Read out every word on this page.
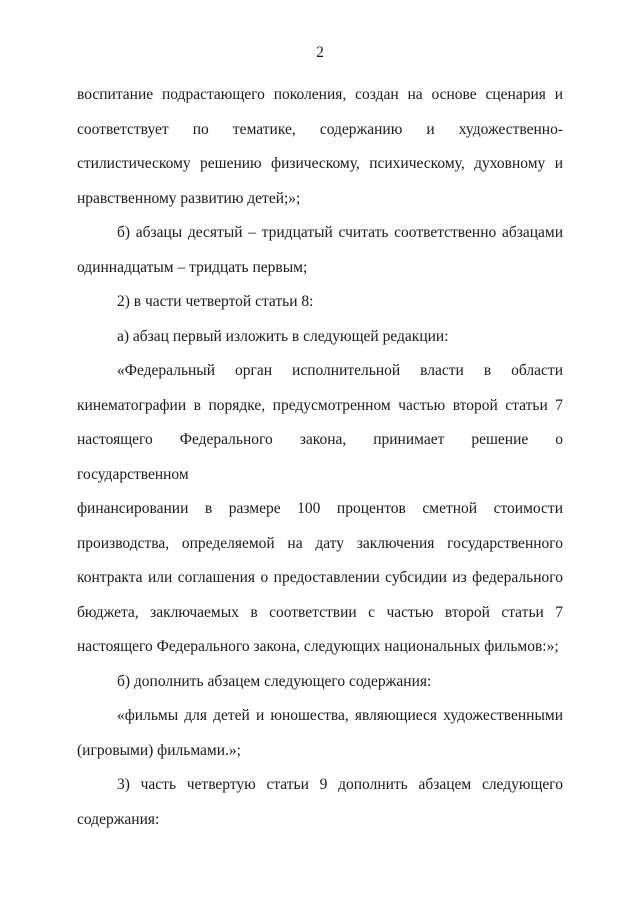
2
воспитание подрастающего поколения, создан на основе сценария и
соответствует по тематике, содержанию и художественно-
стилистическому решению физическому, психическому, духовному и
нравственному развитию детей;»;
б) абзацы десятый – тридцатый считать соответственно абзацами
одиннадцатым – тридцать первым;
2) в части четвертой статьи 8:
а) абзац первый изложить в следующей редакции:
«Федеральный орган исполнительной власти в области
кинематографии в порядке, предусмотренном частью второй статьи 7
настоящего Федерального закона, принимает решение о государственном
финансировании в размере 100 процентов сметной стоимости
производства, определяемой на дату заключения государственного
контракта или соглашения о предоставлении субсидии из федерального
бюджета, заключаемых в соответствии с частью второй статьи 7
настоящего Федерального закона, следующих национальных фильмов:»;
б) дополнить абзацем следующего содержания:
«фильмы для детей и юношества, являющиеся художественными
(игровыми) фильмами.»;
3) часть четвертую статьи 9 дополнить абзацем следующего
содержания:
